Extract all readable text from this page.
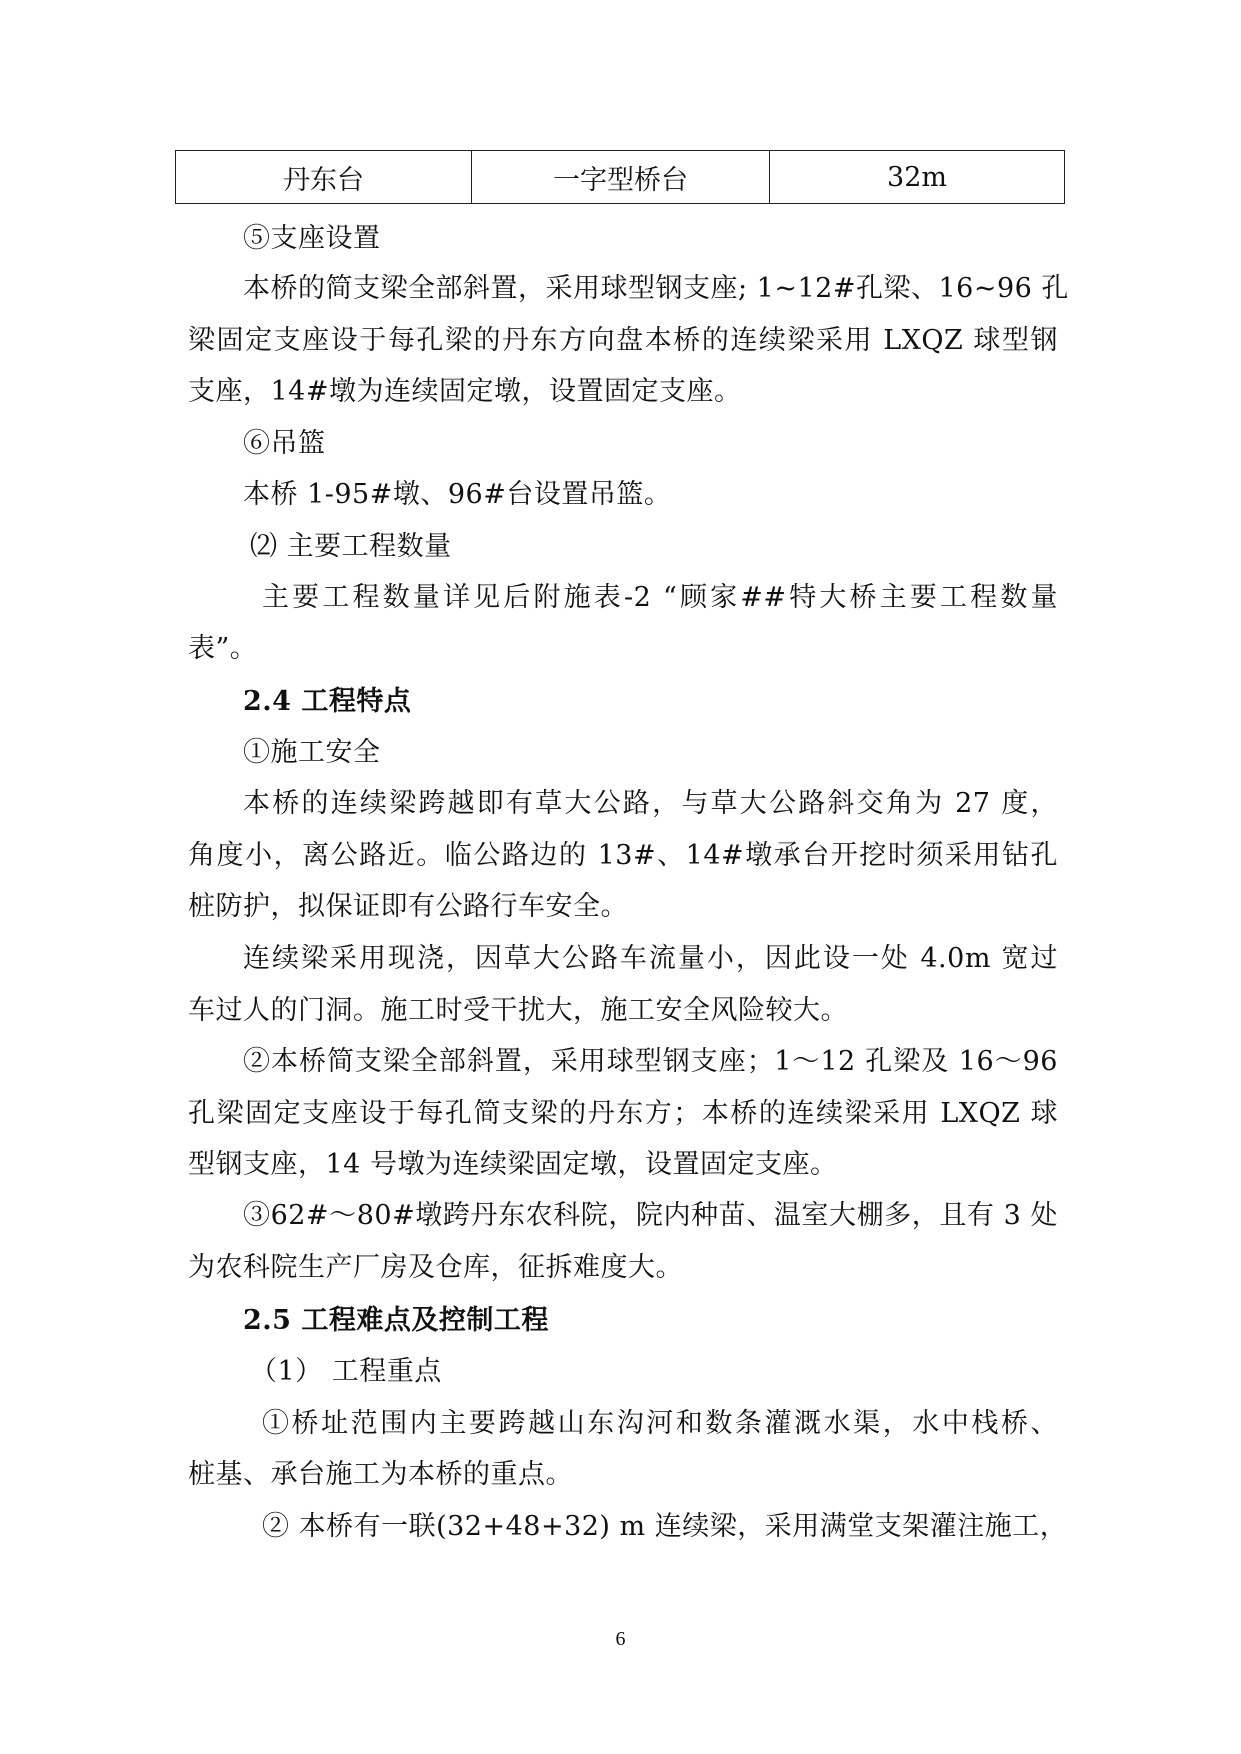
丹东台	一字型桥台	32m
⑤支座设置
本桥的简支梁全部斜置，采用球型钢支座; 1~12#孔梁、16~96 孔
梁固定支座设于每孔梁的丹东方向盘本桥的连续梁采用 LXQZ 球型钢
支座，14#墩为连续固定墩，设置固定支座。
⑥吊篮
本桥 1-95#墩、96#台设置吊篮。
⑵ 主要工程数量
主要工程数量详见后附施表-2 “顾家##特大桥主要工程数量
表”。
2.4 工程特点
①施工安全
本桥的连续梁跨越即有草大公路，与草大公路斜交角为 27 度，
角度小，离公路近。临公路边的 13#、14#墩承台开挖时须采用钻孔
桩防护，拟保证即有公路行车安全。
连续梁采用现浇，因草大公路车流量小，因此设一处 4.0m 宽过
车过人的门洞。施工时受干扰大，施工安全风险较大。
②本桥简支梁全部斜置，采用球型钢支座；1～12 孔梁及 16～96
孔梁固定支座设于每孔简支梁的丹东方；本桥的连续梁采用 LXQZ 球
型钢支座，14 号墩为连续梁固定墩，设置固定支座。
③62#～80#墩跨丹东农科院，院内种苗、温室大棚多，且有 3 处
为农科院生产厂房及仓库，征拆难度大。
2.5 工程难点及控制工程
（1） 工程重点
①桥址范围内主要跨越山东沟河和数条灌溉水渠，水中栈桥、
桩基、承台施工为本桥的重点。
② 本桥有一联(32+48+32) m 连续梁，采用满堂支架灌注施工，
6
